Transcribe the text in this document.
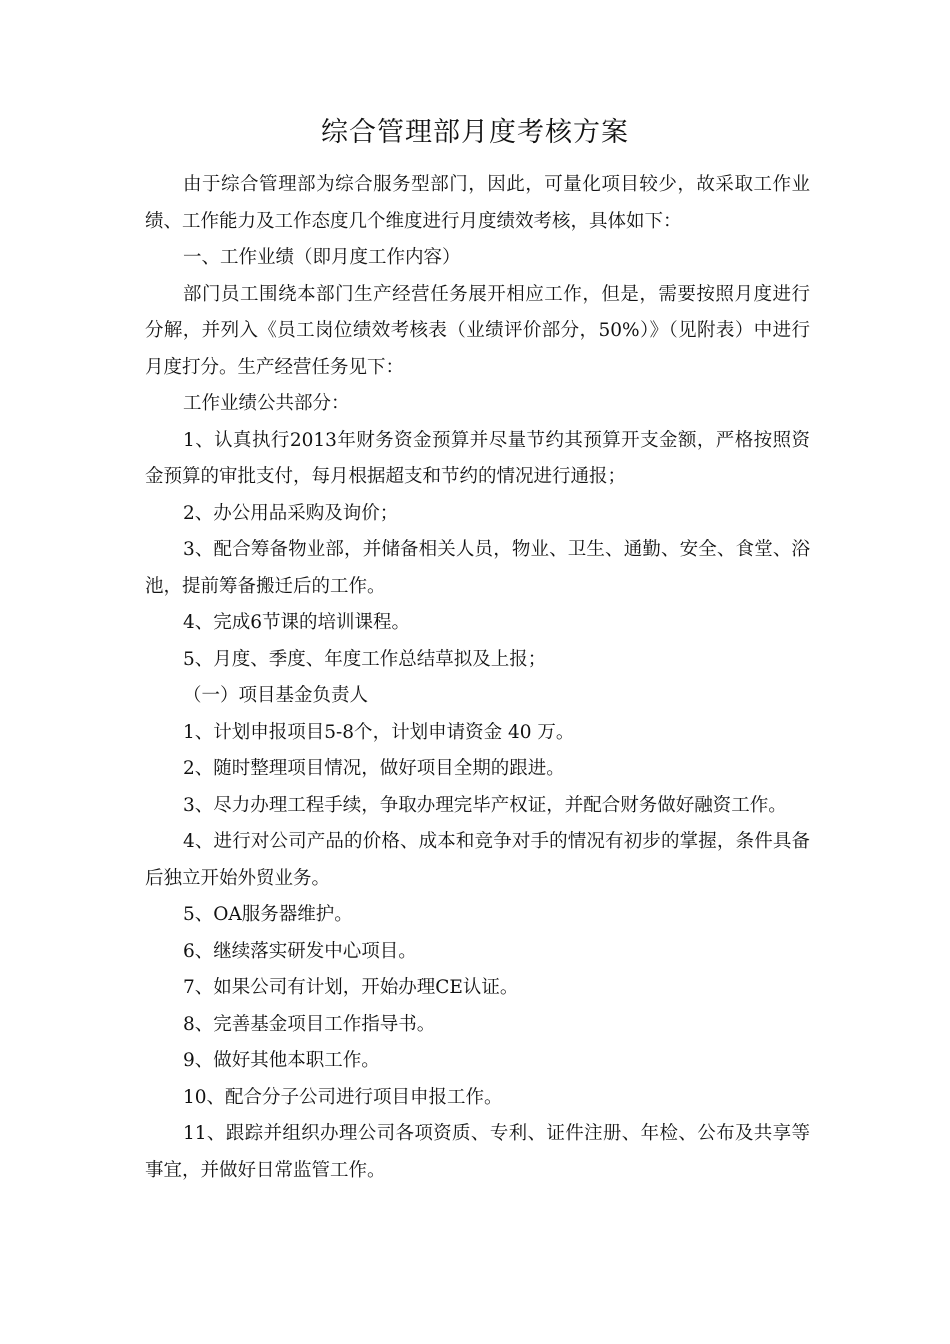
综合管理部月度考核方案

由于综合管理部为综合服务型部门，因此，可量化项目较少，故采取工作业绩、工作能力及工作态度几个维度进行月度绩效考核，具体如下：

一、工作业绩（即月度工作内容）

部门员工围绕本部门生产经营任务展开相应工作，但是，需要按照月度进行分解，并列入《员工岗位绩效考核表（业绩评价部分，50%）》（见附表）中进行月度打分。生产经营任务见下：

工作业绩公共部分：

1、认真执行2013年财务资金预算并尽量节约其预算开支金额，严格按照资金预算的审批支付，每月根据超支和节约的情况进行通报；

2、办公用品采购及询价；

3、配合筹备物业部，并储备相关人员，物业、卫生、通勤、安全、食堂、浴池，提前筹备搬迁后的工作。

4、完成6节课的培训课程。

5、月度、季度、年度工作总结草拟及上报；

（一）项目基金负责人

1、计划申报项目5-8个，计划申请资金 40 万。

2、随时整理项目情况，做好项目全期的跟进。

3、尽力办理工程手续，争取办理完毕产权证，并配合财务做好融资工作。

4、进行对公司产品的价格、成本和竞争对手的情况有初步的掌握，条件具备后独立开始外贸业务。

5、OA服务器维护。

6、继续落实研发中心项目。

7、如果公司有计划，开始办理CE认证。

8、完善基金项目工作指导书。

9、做好其他本职工作。

10、配合分子公司进行项目申报工作。

11、跟踪并组织办理公司各项资质、专利、证件注册、年检、公布及共享等事宜，并做好日常监管工作。
